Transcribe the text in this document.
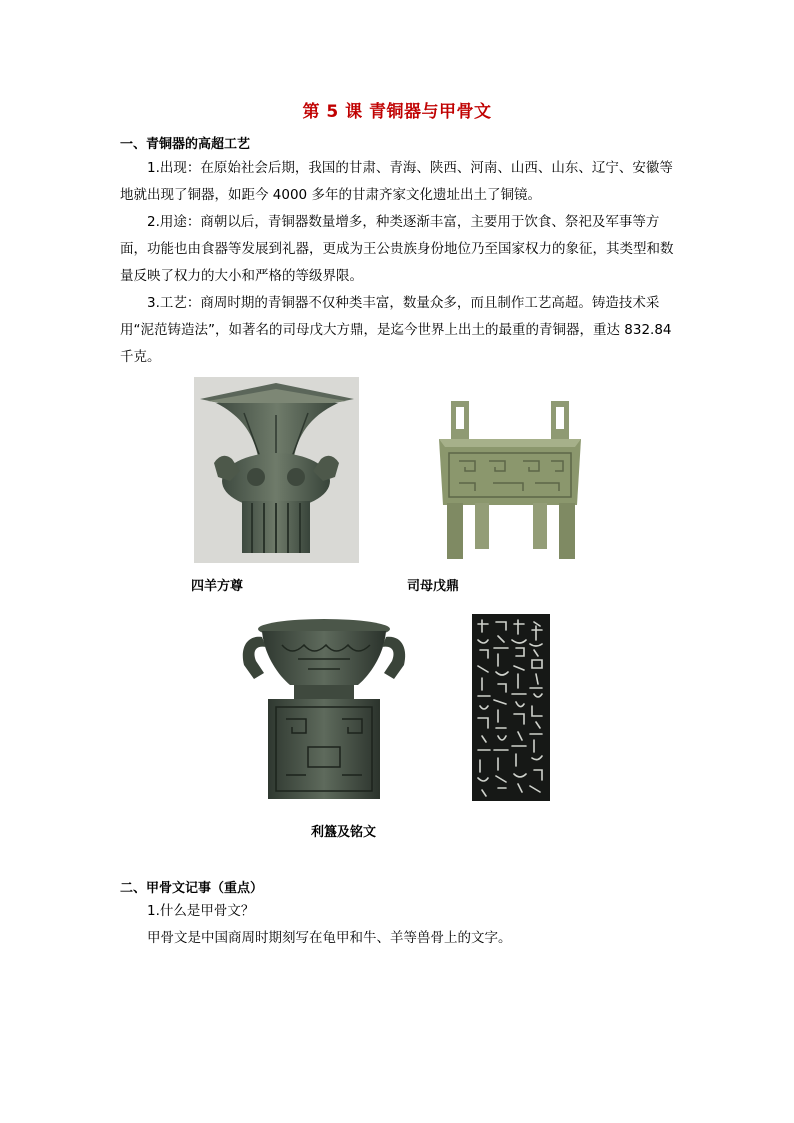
第 5 课 青铜器与甲骨文
一、青铜器的高超工艺
1.出现：在原始社会后期，我国的甘肃、青海、陕西、河南、山西、山东、辽宁、安徽等地就出现了铜器，如距今 4000 多年的甘肃齐家文化遗址出土了铜镜。
2.用途：商朝以后，青铜器数量增多，种类逐渐丰富，主要用于饮食、祭祀及军事等方面，功能也由食器等发展到礼器，更成为王公贵族身份地位乃至国家权力的象征，其类型和数量反映了权力的大小和严格的等级界限。
3.工艺：商周时期的青铜器不仅种类丰富，数量众多，而且制作工艺高超。铸造技术采用“泥范铸造法”，如著名的司母戊大方鼎，是迄今世界上出土的最重的青铜器，重达 832.84 千克。
四羊方尊	司母戊鼎
利簋及铭文
二、甲骨文记事（重点）
1.什么是甲骨文？
甲骨文是中国商周时期刻写在龟甲和牛、羊等兽骨上的文字。
